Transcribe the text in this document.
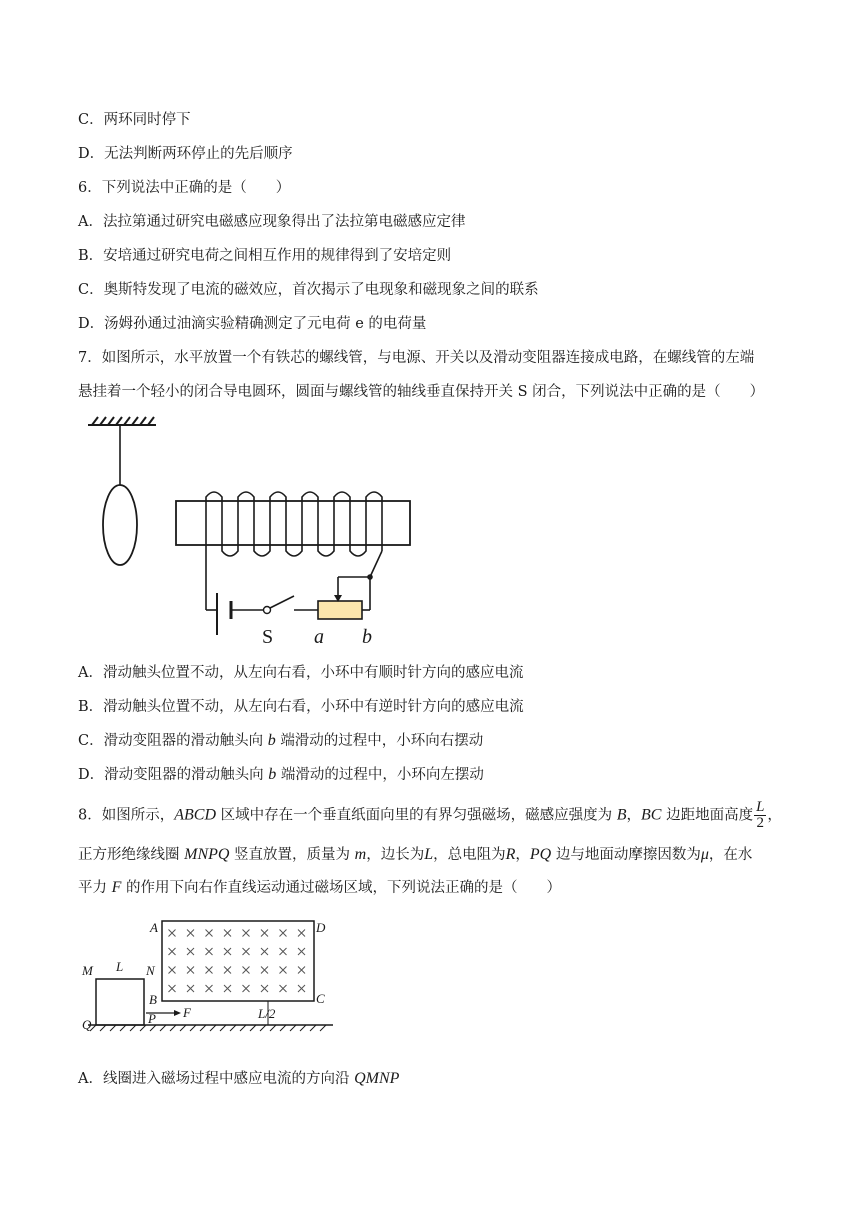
C．两环同时停下
D．无法判断两环停止的先后顺序
6．下列说法中正确的是（　　）
A．法拉第通过研究电磁感应现象得出了法拉第电磁感应定律
B．安培通过研究电荷之间相互作用的规律得到了安培定则
C．奥斯特发现了电流的磁效应，首次揭示了电现象和磁现象之间的联系
D．汤姆孙通过油滴实验精确测定了元电荷 e 的电荷量
7．如图所示，水平放置一个有铁芯的螺线管，与电源、开关以及滑动变阻器连接成电路，在螺线管的左端
悬挂着一个轻小的闭合导电圆环，圆面与螺线管的轴线垂直保持开关 S 闭合，下列说法中正确的是（　　）
S a b
A．滑动触头位置不动，从左向右看，小环中有顺时针方向的感应电流
B．滑动触头位置不动，从左向右看，小环中有逆时针方向的感应电流
C．滑动变阻器的滑动触头向 b 端滑动的过程中，小环向右摆动
D．滑动变阻器的滑动触头向 b 端滑动的过程中，小环向左摆动
8．如图所示，ABCD 区域中存在一个垂直纸面向里的有界匀强磁场，磁感应强度为 B，BC 边距地面高度 $\frac{L}{2}$ ，
正方形绝缘线圈 MNPQ 竖直放置，质量为 m，边长为L，总电阻为R，PQ 边与地面动摩擦因数为μ，在水
平力 F 的作用下向右作直线运动通过磁场区域，下列说法正确的是（　　）
A	D
M L N
B	C
Q	P F	L/2
A．线圈进入磁场过程中感应电流的方向沿 QMNP
